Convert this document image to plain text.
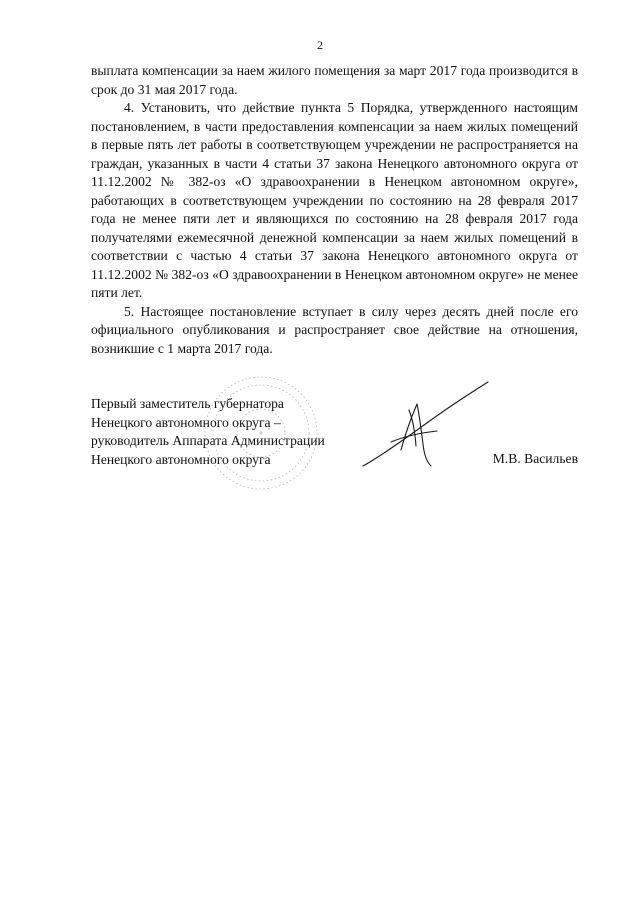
2

выплата компенсации за наем жилого помещения за март 2017 года производится в срок до 31 мая 2017 года.

4. Установить, что действие пункта 5 Порядка, утвержденного настоящим постановлением, в части предоставления компенсации за наем жилых помещений в первые пять лет работы в соответствующем учреждении не распространяется на граждан, указанных в части 4 статьи 37 закона Ненецкого автономного округа от 11.12.2002 № 382-оз «О здравоохранении в Ненецком автономном округе», работающих в соответствующем учреждении по состоянию на 28 февраля 2017 года не менее пяти лет и являющихся по состоянию на 28 февраля 2017 года получателями ежемесячной денежной компенсации за наем жилых помещений в соответствии с частью 4 статьи 37 закона Ненецкого автономного округа от 11.12.2002 № 382-оз «О здравоохранении в Ненецком автономном округе» не менее пяти лет.

5. Настоящее постановление вступает в силу через десять дней после его официального опубликования и распространяет свое действие на отношения, возникшие с 1 марта 2017 года.

Первый заместитель губернатора
Ненецкого автономного округа –
руководитель Аппарата Администрации
Ненецкого автономного округа	М.В. Васильев
